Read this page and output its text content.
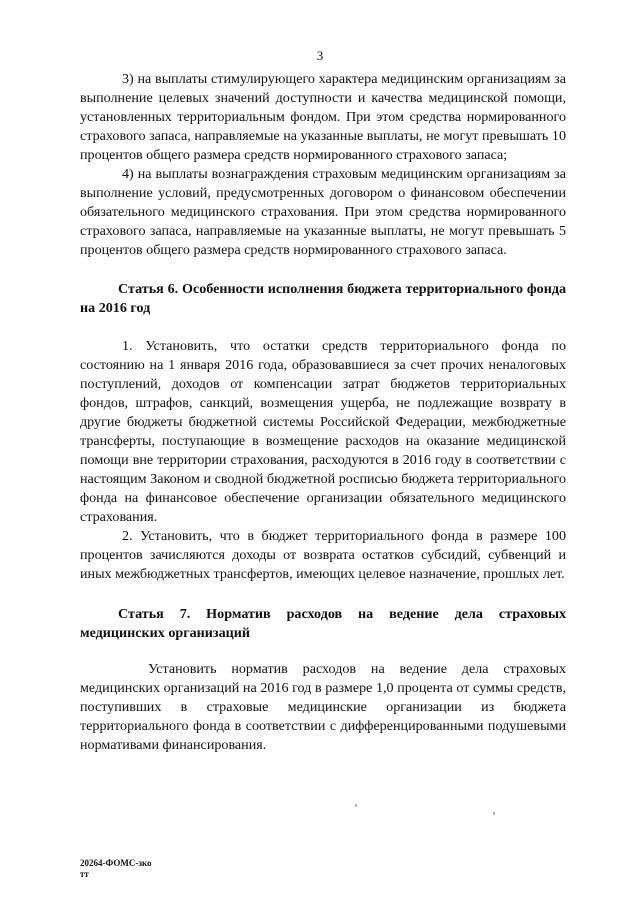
3

3) на выплаты стимулирующего характера медицинским организациям за выполнение целевых значений доступности и качества медицинской помощи, установленных территориальным фондом. При этом средства нормированного страхового запаса, направляемые на указанные выплаты, не могут превышать 10 процентов общего размера средств нормированного страхового запаса;

4) на выплаты вознаграждения страховым медицинским организациям за выполнение условий, предусмотренных договором о финансовом обеспечении обязательного медицинского страхования. При этом средства нормированного страхового запаса, направляемые на указанные выплаты, не могут превышать 5 процентов общего размера средств нормированного страхового запаса.

Статья 6. Особенности исполнения бюджета территориального фонда на 2016 год

1. Установить, что остатки средств территориального фонда по состоянию на 1 января 2016 года, образовавшиеся за счет прочих неналоговых поступлений, доходов от компенсации затрат бюджетов территориальных фондов, штрафов, санкций, возмещения ущерба, не подлежащие возврату в другие бюджеты бюджетной системы Российской Федерации, межбюджетные трансферты, поступающие в возмещение расходов на оказание медицинской помощи вне территории страхования, расходуются в 2016 году в соответствии с настоящим Законом и сводной бюджетной росписью бюджета территориального фонда на финансовое обеспечение организации обязательного медицинского страхования.

2. Установить, что в бюджет территориального фонда в размере 100 процентов зачисляются доходы от возврата остатков субсидий, субвенций и иных межбюджетных трансфертов, имеющих целевое назначение, прошлых лет.

Статья 7. Норматив расходов на ведение дела страховых медицинских организаций

Установить норматив расходов на ведение дела страховых медицинских организаций на 2016 год в размере 1,0 процента от суммы средств, поступивших в страховые медицинские организации из бюджета территориального фонда в соответствии с дифференцированными подушевыми нормативами финансирования.

20264-ФОМС-зко
тт
